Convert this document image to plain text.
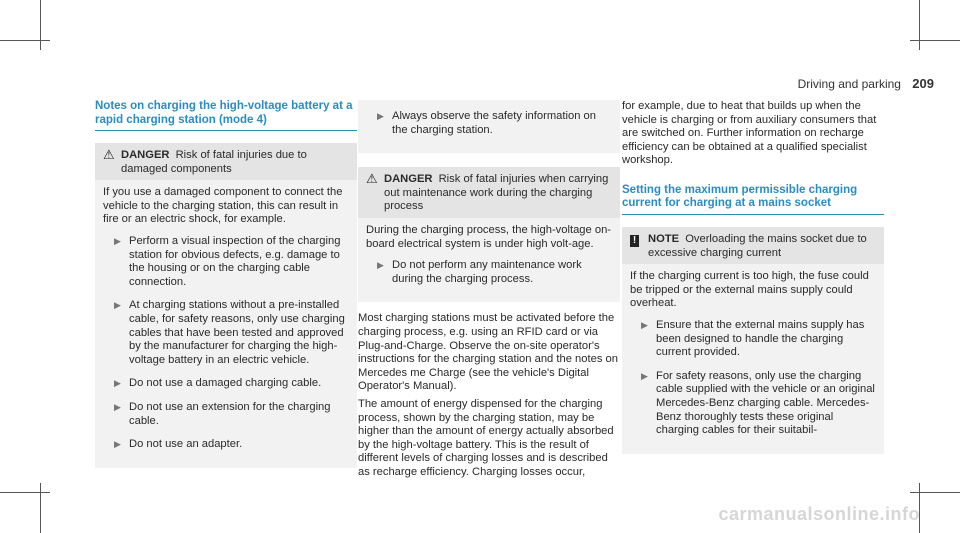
Driving and parking 209
Notes on charging the high-voltage battery at a rapid charging station (mode 4)
⚠ DANGER Risk of fatal injuries due to damaged components

If you use a damaged component to connect the vehicle to the charging station, this can result in fire or an electric shock, for example.

▶ Perform a visual inspection of the charging station for obvious defects, e.g. damage to the housing or on the charging cable connection.
▶ At charging stations without a pre-installed cable, for safety reasons, only use charging cables that have been tested and approved by the manufacturer for charging the high-voltage battery in an electric vehicle.
▶ Do not use a damaged charging cable.
▶ Do not use an extension for the charging cable.
▶ Do not use an adapter.
▶ Always observe the safety information on the charging station.
⚠ DANGER Risk of fatal injuries when carrying out maintenance work during the charging process

During the charging process, the high-voltage on-board electrical system is under high volt-age.

▶ Do not perform any maintenance work during the charging process.

Most charging stations must be activated before the charging process, e.g. using an RFID card or via Plug-and-Charge. Observe the on-site operator's instructions for the charging station and the notes on Mercedes me Charge (see the vehicle's Digital Operator's Manual).

The amount of energy dispensed for the charging process, shown by the charging station, may be higher than the amount of energy actually absorbed by the high-voltage battery. This is the result of different levels of charging losses and is described as recharge efficiency. Charging losses occur,

for example, due to heat that builds up when the vehicle is charging or from auxiliary consumers that are switched on. Further information on recharge efficiency can be obtained at a qualified specialist workshop.

Setting the maximum permissible charging current for charging at a mains socket
! NOTE Overloading the mains socket due to excessive charging current

If the charging current is too high, the fuse could be tripped or the external mains supply could overheat.

▶ Ensure that the external mains supply has been designed to handle the charging current provided.
▶ For safety reasons, only use the charging cable supplied with the vehicle or an original Mercedes-Benz charging cable. Mercedes-Benz thoroughly tests these original charging cables for their suitabil-
carmanualsonline.info
